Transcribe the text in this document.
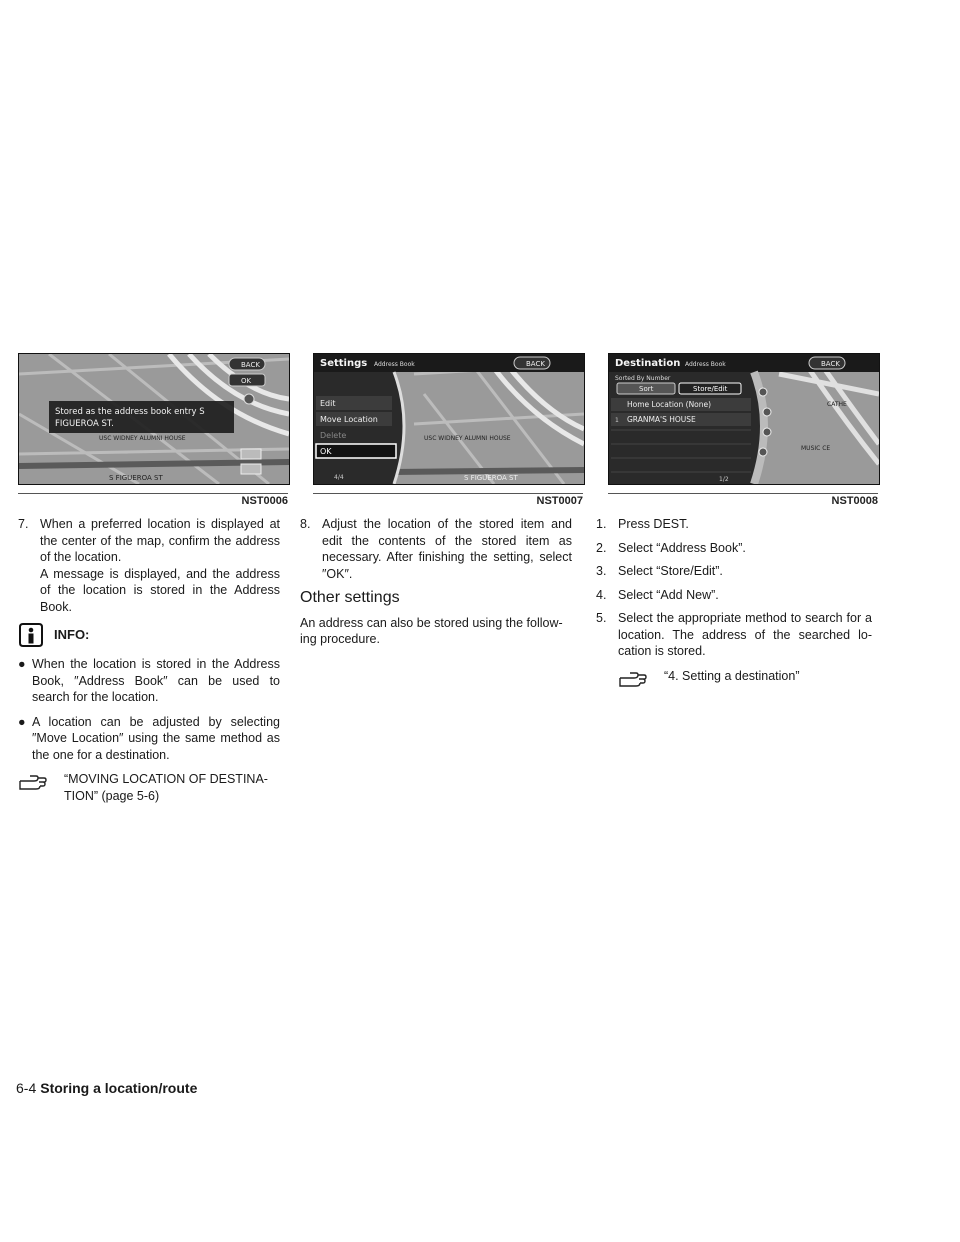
Stored as the address book entry S
FIGUEROA ST.
USC WIDNEY ALUMNI HOUSE
S FIGUEROA ST
BACK
OK
NST0006
Settings Address Book	BACK
Edit
Move Location
Delete
OK
4/4
USC WIDNEY ALUMNI HOUSE
S FIGUEROA ST
NST0007
Destination Address Book	BACK
Sorted By Number
Sort	Store/Edit
Home Location (None)
1 GRANMA'S HOUSE
1/2
CATHE
MUSIC CE
NST0008
7. When a preferred location is displayed at the center of the map, confirm the address of the location.
A message is displayed, and the address of the location is stored in the Address Book.
INFO:
● When the location is stored in the Address Book, ″Address Book″ can be used to search for the location.
● A location can be adjusted by selecting ″Move Location″ using the same method as the one for a destination.
“MOVING LOCATION OF DESTINA-
TION” (page 5-6)
8. Adjust the location of the stored item and edit the contents of the stored item as necessary. After finishing the setting, select ″OK″.
Other settings
An address can also be stored using the follow-ing procedure.
1. Press DEST.
2. Select “Address Book”.
3. Select “Store/Edit”.
4. Select “Add New”.
5. Select the appropriate method to search for a location. The address of the searched lo-cation is stored.
“4. Setting a destination”
6-4 Storing a location/route
